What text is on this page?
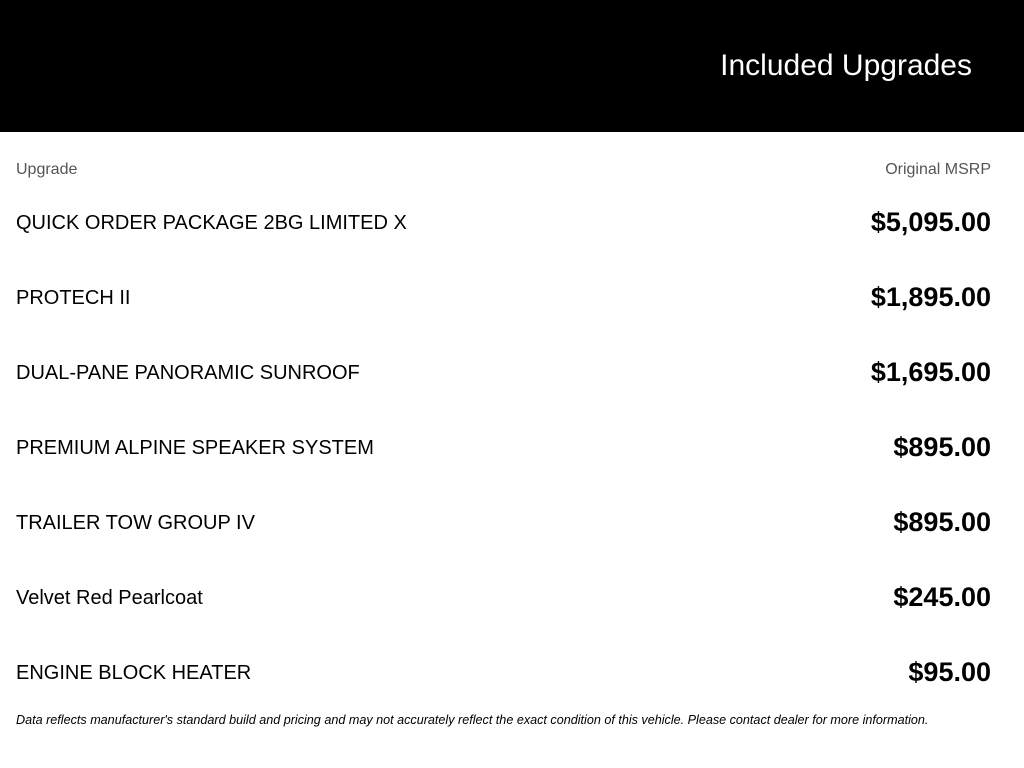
Included Upgrades
Upgrade	Original MSRP
QUICK ORDER PACKAGE 2BG LIMITED X	$5,095.00
PROTECH II	$1,895.00
DUAL-PANE PANORAMIC SUNROOF	$1,695.00
PREMIUM ALPINE SPEAKER SYSTEM	$895.00
TRAILER TOW GROUP IV	$895.00
Velvet Red Pearlcoat	$245.00
ENGINE BLOCK HEATER	$95.00
Data reflects manufacturer's standard build and pricing and may not accurately reflect the exact condition of this vehicle. Please contact dealer for more information.
